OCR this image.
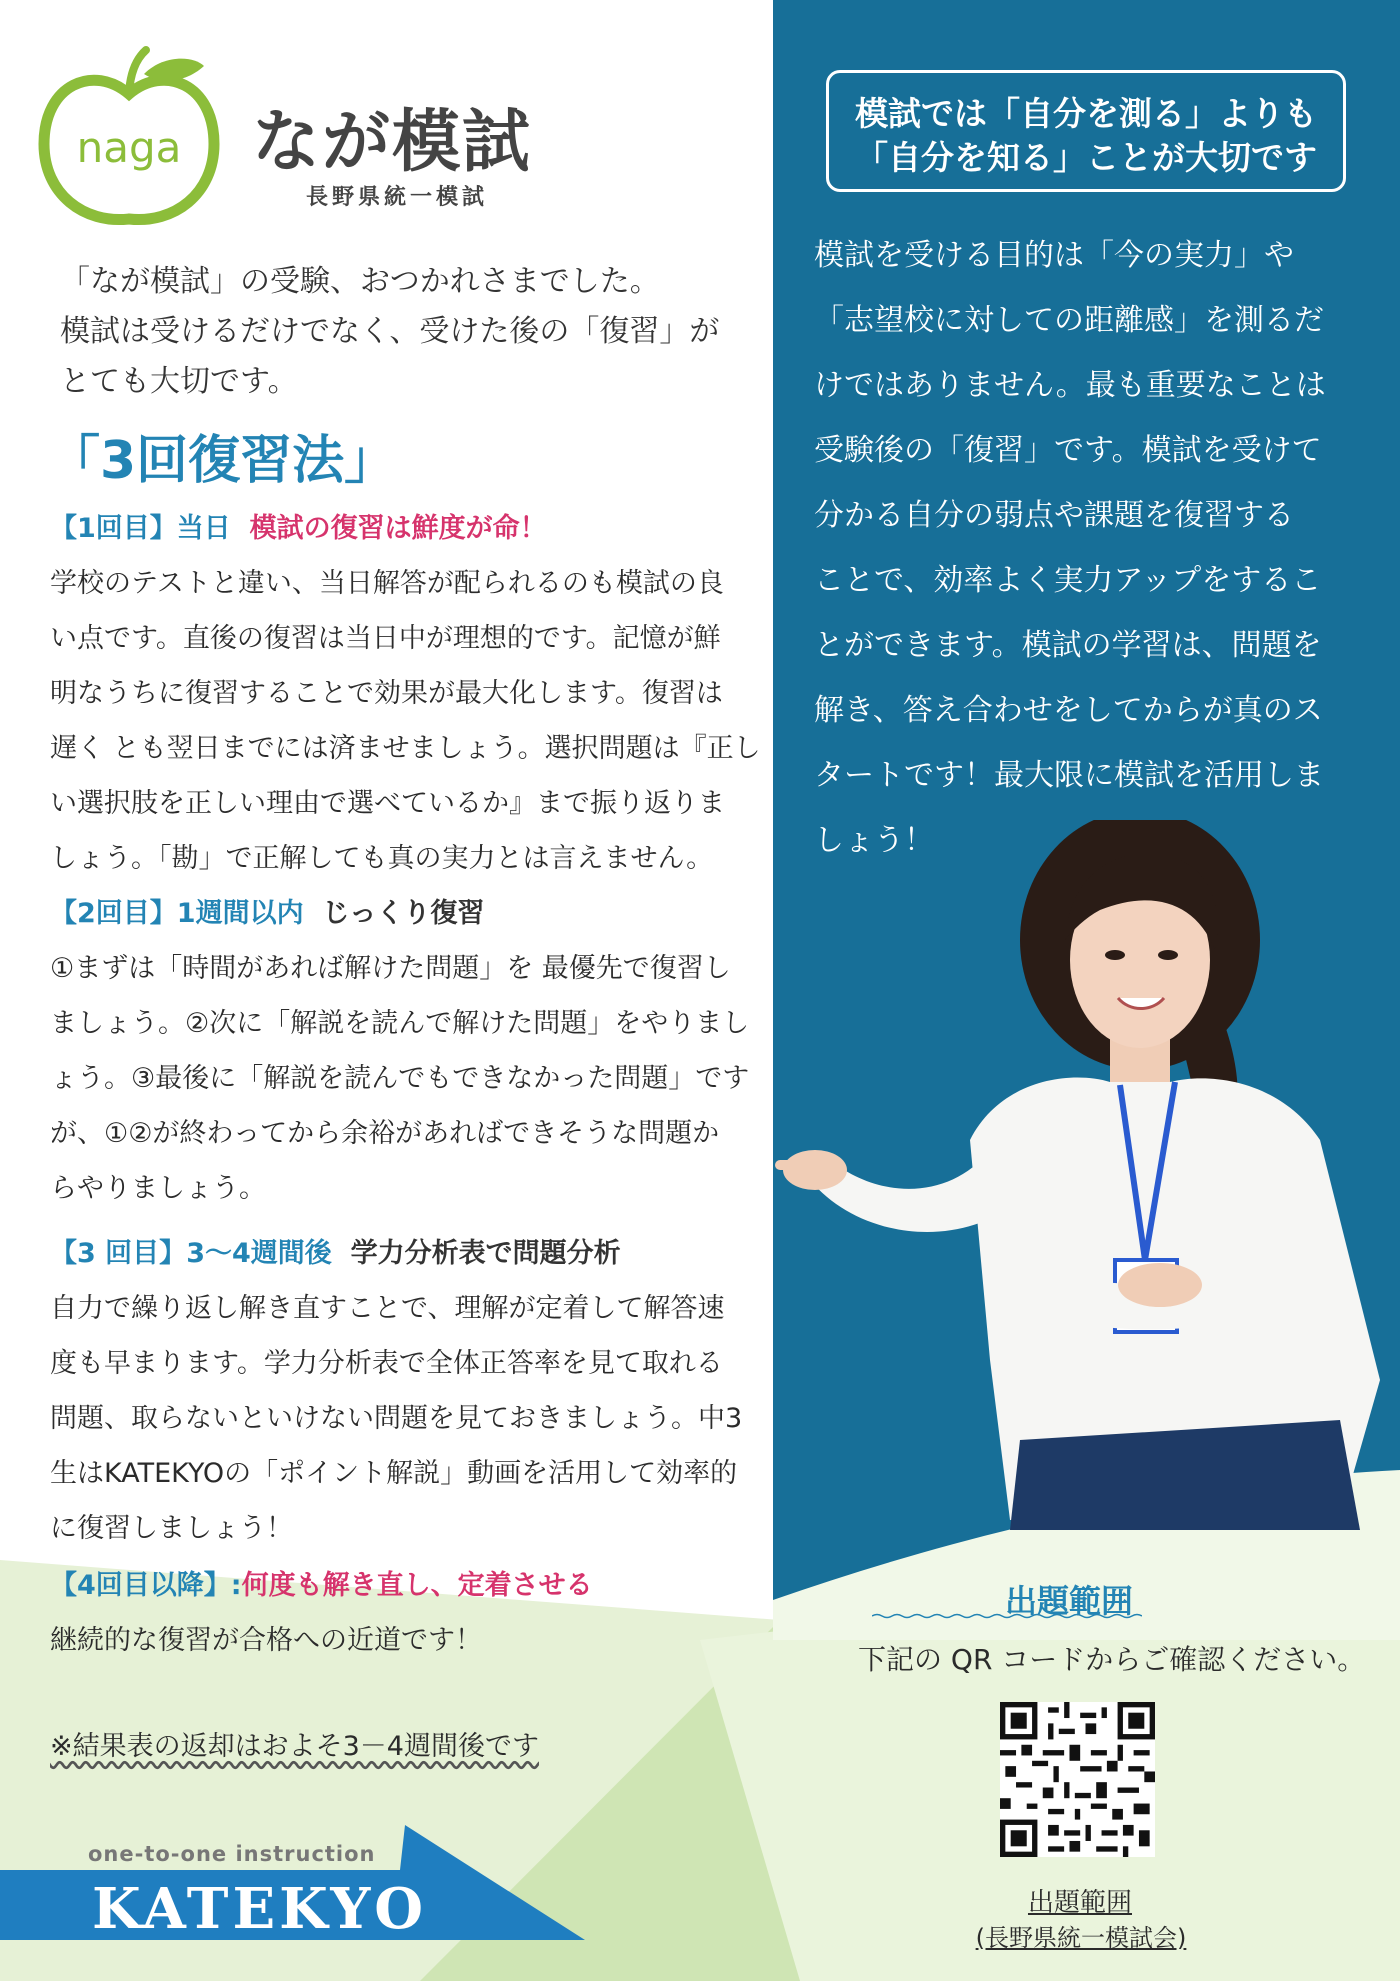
naga なが模試
長野県統一模試
「なが模試」の受験、おつかれさまでした。
模試は受けるだけでなく、受けた後の「復習」が
とても大切です。
「3回復習法」
【1回目】当日 模試の復習は鮮度が命！
学校のテストと違い、当日解答が配られるのも模試の良
い点です。直後の復習は当日中が理想的です。記憶が鮮
明なうちに復習することで効果が最大化します。復習は
遅く とも翌日までには済ませましょう。選択問題は『正し
い選択肢を正しい理由で選べているか』まで振り返りま
しょう。「勘」で正解しても真の実力とは言えません。
【2回目】1週間以内 じっくり復習
①まずは「時間があれば解けた問題」を 最優先で復習し
ましょう。②次に「解説を読んで解けた問題」をやりまし
ょう。③最後に「解説を読んでもできなかった問題」です
が、①②が終わってから余裕があればできそうな問題か
らやりましょう。
【3 回目】3～4週間後 学力分析表で問題分析
自力で繰り返し解き直すことで、理解が定着して解答速
度も早まります。学力分析表で全体正答率を見て取れる
問題、取らないといけない問題を見ておきましょう。中3
生はKATEKYOの「ポイント解説」動画を活用して効率的
に復習しましょう！
【4回目以降】:何度も解き直し、定着させる
継続的な復習が合格への近道です！
※結果表の返却はおよそ3－4週間後です
模試では「自分を測る」よりも
「自分を知る」ことが大切です
模試を受ける目的は「今の実力」や
「志望校に対しての距離感」を測るだ
けではありません。最も重要なことは
受験後の「復習」です。模試を受けて
分かる自分の弱点や課題を復習する
ことで、効率よく実力アップをするこ
とができます。模試の学習は、問題を
解き、答え合わせをしてからが真のス
タートです！最大限に模試を活用しま
しょう！
出題範囲
下記の QR コードからご確認ください。
出題範囲
(長野県統一模試会)
one-to-one instruction
KATEKYO
